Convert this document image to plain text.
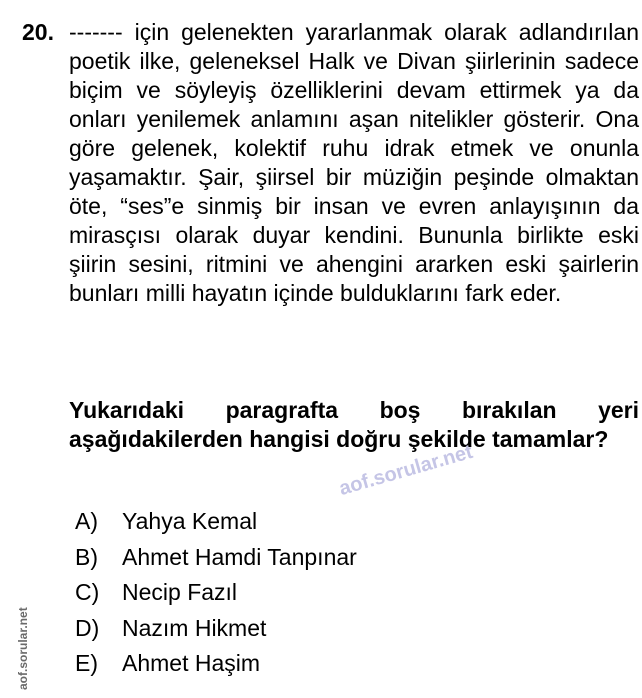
20. ------- için gelenekten yararlanmak olarak adlandırılan poetik ilke, geleneksel Halk ve Divan şiirlerinin sadece biçim ve söyleyiş özelliklerini devam ettirmek ya da onları yenilemek anlamını aşan nitelikler gösterir. Ona göre gelenek, kolektif ruhu idrak etmek ve onunla yaşamaktır. Şair, şiirsel bir müziğin peşinde olmaktan öte, “ses”e sinmiş bir insan ve evren anlayışının da mirasçısı olarak duyar kendini. Bununla birlikte eski şiirin sesini, ritmini ve ahengini ararken eski şairlerin bunları milli hayatın içinde bulduklarını fark eder.
Yukarıdaki paragrafta boş bırakılan yeri aşağıdakilerden hangisi doğru şekilde tamamlar?
A) Yahya Kemal
B) Ahmet Hamdi Tanpınar
C) Necip Fazıl
D) Nazım Hikmet
E) Ahmet Haşim
aof.sorular.net
aof.sorular.net
